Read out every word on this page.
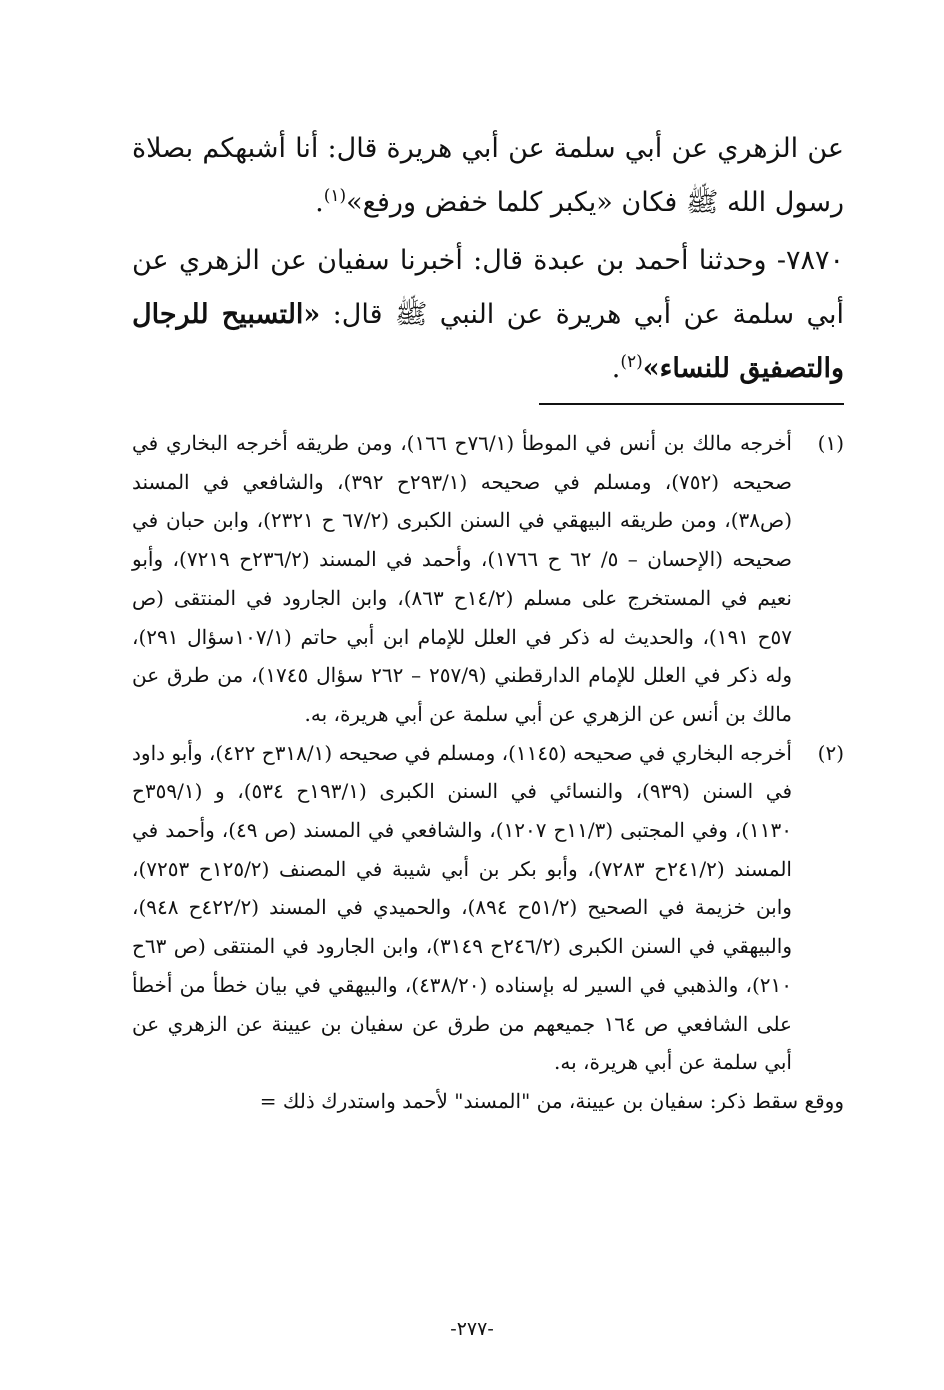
عن الزهري عن أبي سلمة عن أبي هريرة قال: أنا أشبهكم بصلاة رسول الله ﷺ فكان «يكبر كلما خفض ورفع»$^{(١)}$.

٧٨٧٠- وحدثنا أحمد بن عبدة قال: أخبرنا سفيان عن الزهري عن أبي سلمة عن أبي هريرة عن النبي ﷺ قال: «التسبيح للرجال والتصفيق للنساء»$^{(٢)}$.

(١)
أخرجه مالك بن أنس في الموطأ (٧٦/١ح ١٦٦)، ومن طريقه أخرجه البخاري في صحيحه (٧٥٢)، ومسلم في صحيحه (٢٩٣/١ح ٣٩٢)، والشافعي في المسند (ص٣٨)، ومن طريقه البيهقي في السنن الكبرى (٦٧/٢ ح ٢٣٢١)، وابن حبان في صحيحه (الإحسان – ٥/ ٦٢ ح ١٧٦٦)، وأحمد في المسند (٢٣٦/٢ح ٧٢١٩)، وأبو نعيم في المستخرج على مسلم (١٤/٢ح ٨٦٣)، وابن الجارود في المنتقى (ص ٥٧ح ١٩١)، والحديث له ذكر في العلل للإمام ابن أبي حاتم (١٠٧/١سؤال ٢٩١)، وله ذكر في العلل للإمام الدارقطني (٢٥٧/٩ – ٢٦٢ سؤال ١٧٤٥)، من طرق عن مالك بن أنس عن الزهري عن أبي سلمة عن أبي هريرة، به.

(٢)
أخرجه البخاري في صحيحه (١١٤٥)، ومسلم في صحيحه (٣١٨/١ح ٤٢٢)، وأبو داود في السنن (٩٣٩)، والنسائي في السنن الكبرى (١٩٣/١ح ٥٣٤)، و (٣٥٩/١ح ١١٣٠)، وفي المجتبى (١١/٣ح ١٢٠٧)، والشافعي في المسند (ص ٤٩)، وأحمد في المسند (٢٤١/٢ح ٧٢٨٣)، وأبو بكر بن أبي شيبة في المصنف (١٢٥/٢ح ٧٢٥٣)، وابن خزيمة في الصحيح (٥١/٢ح ٨٩٤)، والحميدي في المسند (٤٢٢/٢ح ٩٤٨)، والبيهقي في السنن الكبرى (٢٤٦/٢ح ٣١٤٩)، وابن الجارود في المنتقى (ص ٦٣ح ٢١٠)، والذهبي في السير له بإسناده (٤٣٨/٢٠)، والبيهقي في بيان خطأ من أخطأ على الشافعي ص ١٦٤ جميعهم من طرق عن سفيان بن عيينة عن الزهري عن أبي سلمة عن أبي هريرة، به.

ووقع سقط ذكر: سفيان بن عيينة، من "المسند" لأحمد واستدرك ذلك =

-٢٧٧-
